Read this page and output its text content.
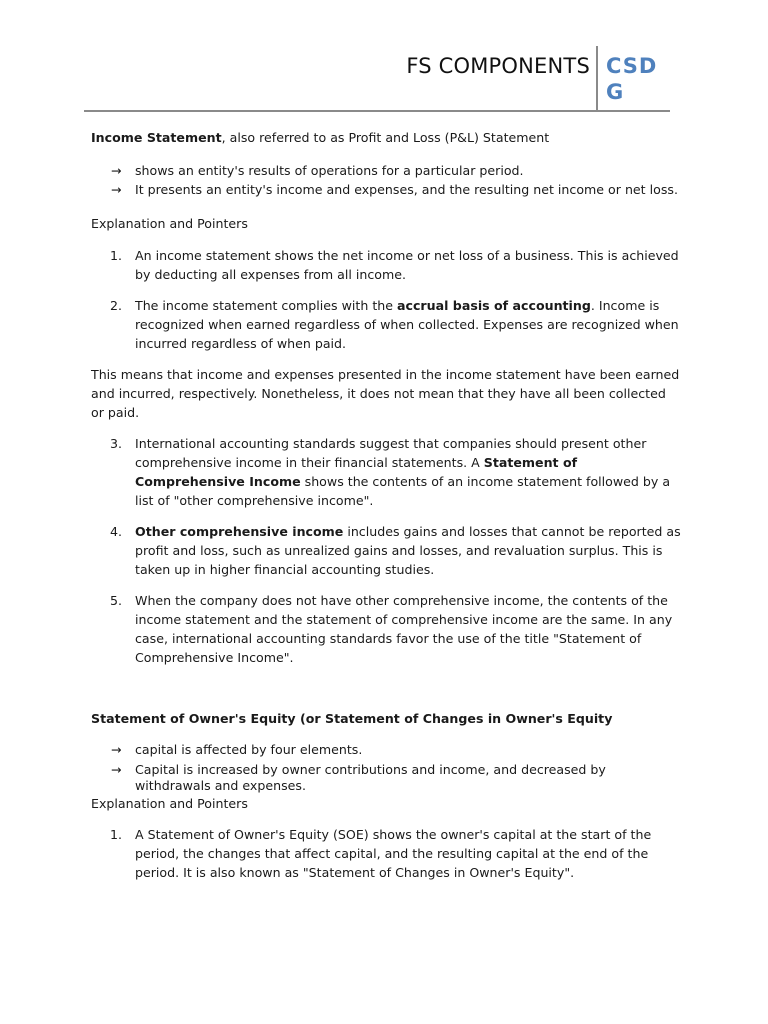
FS COMPONENTS CSDG

Income Statement, also referred to as Profit and Loss (P&L) Statement

→ shows an entity's results of operations for a particular period.
→ It presents an entity's income and expenses, and the resulting net income or net loss.

Explanation and Pointers

1. An income statement shows the net income or net loss of a business. This is achieved by deducting all expenses from all income.
2. The income statement complies with the accrual basis of accounting. Income is recognized when earned regardless of when collected. Expenses are recognized when incurred regardless of when paid.

This means that income and expenses presented in the income statement have been earned and incurred, respectively. Nonetheless, it does not mean that they have all been collected or paid.

3. International accounting standards suggest that companies should present other comprehensive income in their financial statements. A Statement of Comprehensive Income shows the contents of an income statement followed by a list of "other comprehensive income".
4. Other comprehensive income includes gains and losses that cannot be reported as profit and loss, such as unrealized gains and losses, and revaluation surplus. This is taken up in higher financial accounting studies.
5. When the company does not have other comprehensive income, the contents of the income statement and the statement of comprehensive income are the same. In any case, international accounting standards favor the use of the title "Statement of Comprehensive Income".

Statement of Owner's Equity (or Statement of Changes in Owner's Equity

→ capital is affected by four elements.
→ Capital is increased by owner contributions and income, and decreased by withdrawals and expenses.

Explanation and Pointers

1. A Statement of Owner's Equity (SOE) shows the owner's capital at the start of the period, the changes that affect capital, and the resulting capital at the end of the period. It is also known as "Statement of Changes in Owner's Equity".
